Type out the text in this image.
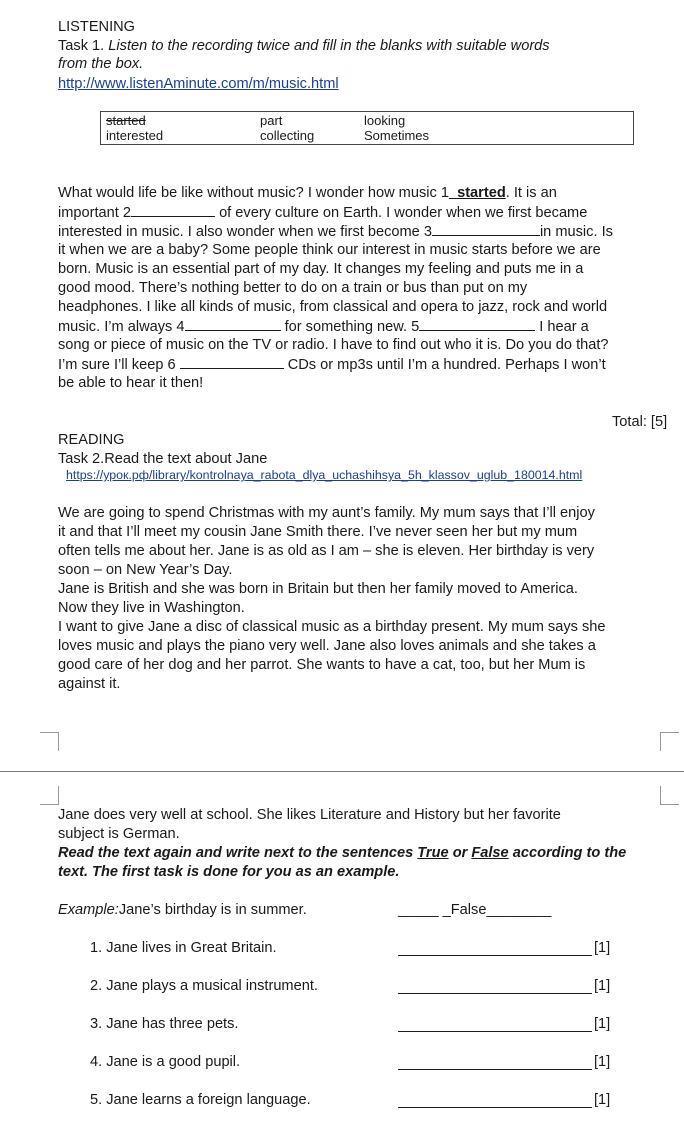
LISTENING
Task 1. Listen to the recording twice and fill in the blanks with suitable words
from the box.
http://www.listenAminute.com/m/music.html
started	part	looking
interested	collecting	Sometimes
What would life be like without music? I wonder how music 1_started. It is an
important 2	of every culture on Earth. I wonder when we first became
interested in music. I also wonder when we first become 3	in music. Is
it when we are a baby? Some people think our interest in music starts before we are
born. Music is an essential part of my day. It changes my feeling and puts me in a
good mood. There’s nothing better to do on a train or bus than put on my
headphones. I like all kinds of music, from classical and opera to jazz, rock and world
music. I’m always 4	for something new. 5	I hear a
song or piece of music on the TV or radio. I have to find out who it is. Do you do that?
I’m sure I’ll keep 6	CDs or mp3s until I’m a hundred. Perhaps I won’t
be able to hear it then!
Total: [5]
READING
Task 2.Read the text about Jane
https://урок.рф/library/kontrolnaya_rabota_dlya_uchashihsya_5h_klassov_uglub_180014.html
We are going to spend Christmas with my aunt’s family. My mum says that I’ll enjoy
it and that I’ll meet my cousin Jane Smith there. I’ve never seen her but my mum
often tells me about her. Jane is as old as I am – she is eleven. Her birthday is very
soon – on New Year’s Day.
Jane is British and she was born in Britain but then her family moved to America.
Now they live in Washington.
I want to give Jane a disc of classical music as a birthday present. My mum says she
loves music and plays the piano very well. Jane also loves animals and she takes a
good care of her dog and her parrot. She wants to have a cat, too, but her Mum is
against it.
Jane does very well at school. She likes Literature and History but her favorite
subject is German.
Read the text again and write next to the sentences True or False according to the
text. The first task is done for you as an example.
Example:Jane’s birthday is in summer.	_____ _False________
1. Jane lives in Great Britain.	[1]
2. Jane plays a musical instrument.	[1]
3. Jane has three pets.	[1]
4. Jane is a good pupil.	[1]
5. Jane learns a foreign language.	[1]
